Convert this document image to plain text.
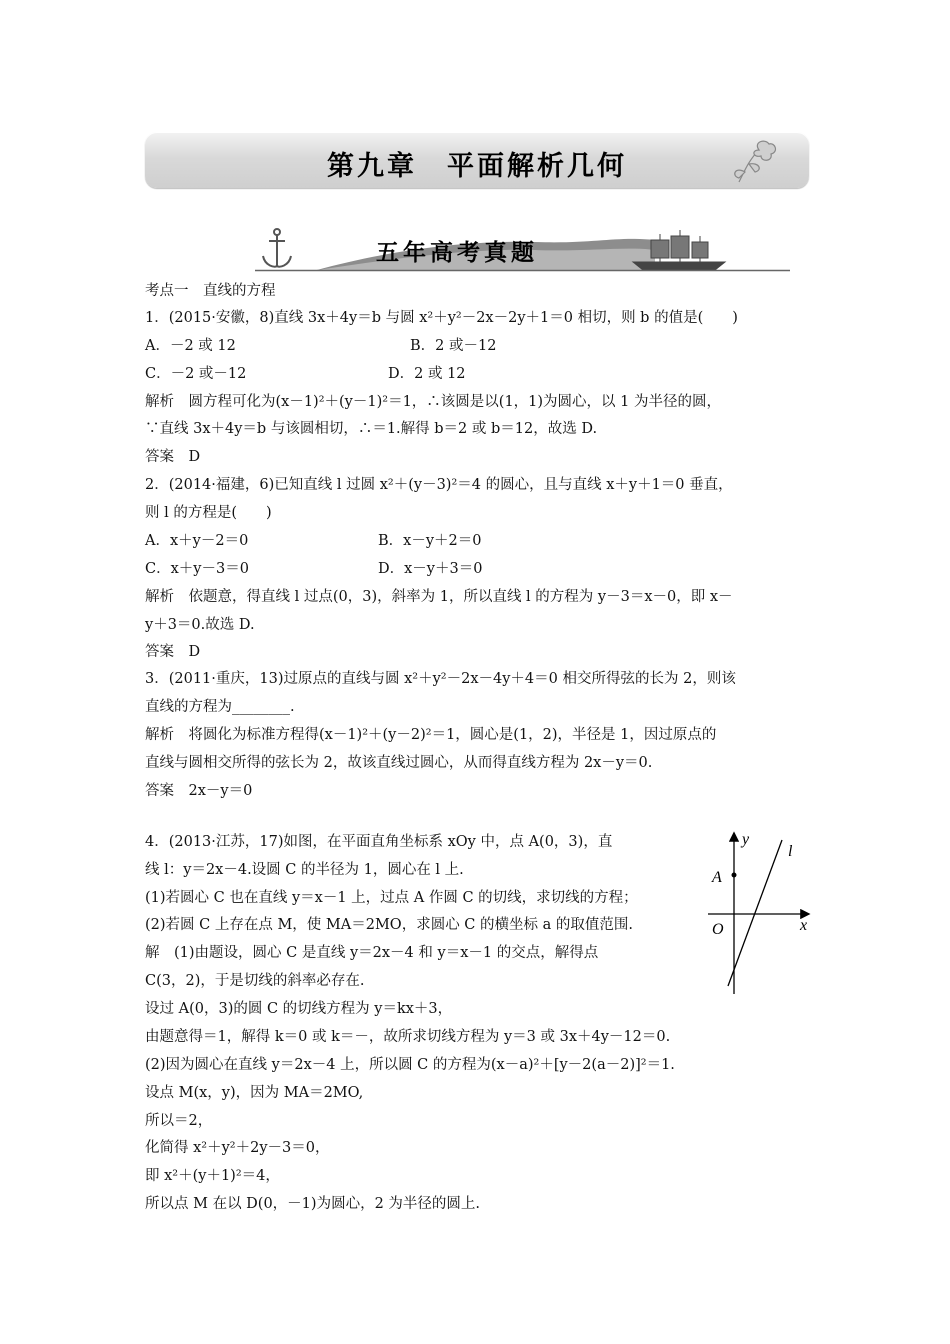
第九章　平面解析几何
五年高考真题
考点一　直线的方程
1．(2015·安徽，8)直线 3x＋4y＝b 与圆 x²＋y²－2x－2y＋1＝0 相切，则 b 的值是(　　)
A．－2 或 12	B．2 或－12
C．－2 或－12	D．2 或 12
解析　圆方程可化为(x－1)²＋(y－1)²＝1，∴该圆是以(1，1)为圆心，以 1 为半径的圆，
∵直线 3x＋4y＝b 与该圆相切，∴＝1.解得 b＝2 或 b＝12，故选 D.
答案　D
2．(2014·福建，6)已知直线 l 过圆 x²＋(y－3)²＝4 的圆心，且与直线 x＋y＋1＝0 垂直，
则 l 的方程是(　　)
A．x＋y－2＝0	B．x－y＋2＝0
C．x＋y－3＝0	D．x－y＋3＝0
解析　依题意，得直线 l 过点(0，3)，斜率为 1，所以直线 l 的方程为 y－3＝x－0，即 x－
y＋3＝0.故选 D.
答案　D
3．(2011·重庆，13)过原点的直线与圆 x²＋y²－2x－4y＋4＝0 相交所得弦的长为 2，则该
直线的方程为________.
解析　将圆化为标准方程得(x－1)²＋(y－2)²＝1，圆心是(1，2)，半径是 1，因过原点的
直线与圆相交所得的弦长为 2，故该直线过圆心，从而得直线方程为 2x－y＝0.
答案　2x－y＝0
4．(2013·江苏，17)如图，在平面直角坐标系 xOy 中，点 A(0，3)，直
线 l：y＝2x－4.设圆 C 的半径为 1，圆心在 l 上.
(1)若圆心 C 也在直线 y＝x－1 上，过点 A 作圆 C 的切线，求切线的方程；
(2)若圆 C 上存在点 M，使 MA＝2MO，求圆心 C 的横坐标 a 的取值范围.
解　(1)由题设，圆心 C 是直线 y＝2x－4 和 y＝x－1 的交点，解得点
C(3，2)，于是切线的斜率必存在.
设过 A(0，3)的圆 C 的切线方程为 y＝kx＋3，
由题意得＝1，解得 k＝0 或 k＝－，故所求切线方程为 y＝3 或 3x＋4y－12＝0.
(2)因为圆心在直线 y＝2x－4 上，所以圆 C 的方程为(x－a)²＋[y－2(a－2)]²＝1.
设点 M(x，y)，因为 MA＝2MO,
所以＝2，
化简得 x²＋y²＋2y－3＝0，
即 x²＋(y＋1)²＝4，
所以点 M 在以 D(0，－1)为圆心，2 为半径的圆上.
y
l
A
O	x
